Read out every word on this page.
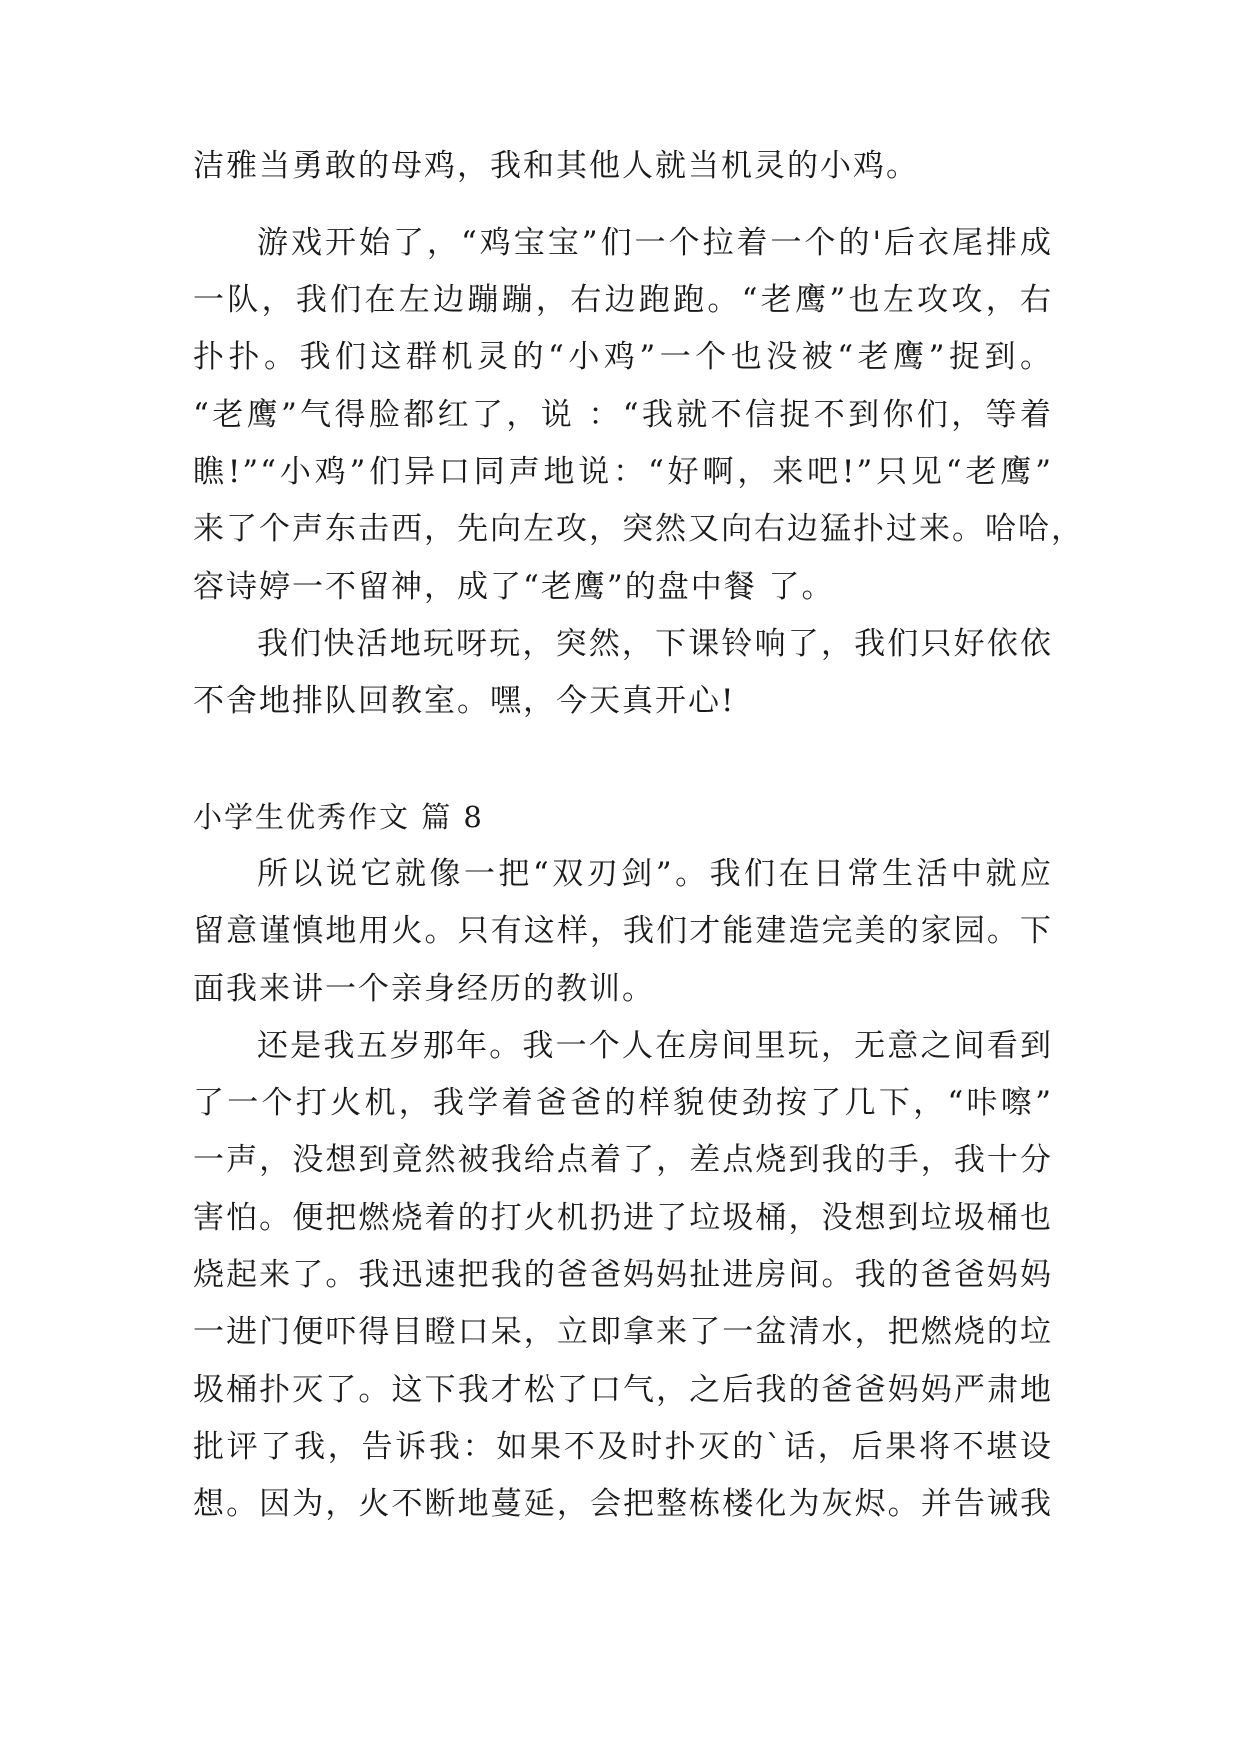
洁雅当勇敢的母鸡，我和其他人就当机灵的小鸡。
游戏开始了，“鸡宝宝”们一个拉着一个的'后衣尾排成
一队，我们在左边蹦蹦，右边跑跑。“老鹰”也左攻攻，右
扑扑。我们这群机灵的“小鸡”一个也没被“老鹰”捉到。
“老鹰”气得脸都红了，说 ：“我就不信捉不到你们，等着
瞧!”“小鸡”们异口同声地说：“好啊，来吧!”只见“老鹰”
来了个声东击西，先向左攻，突然又向右边猛扑过来。哈哈，
容诗婷一不留神，成了“老鹰”的盘中餐 了。
我们快活地玩呀玩，突然，下课铃响了，我们只好依依
不舍地排队回教室。嘿，今天真开心!
小学生优秀作文 篇 8
所以说它就像一把“双刃剑”。我们在日常生活中就应
留意谨慎地用火。只有这样，我们才能建造完美的家园。下
面我来讲一个亲身经历的教训。
还是我五岁那年。我一个人在房间里玩，无意之间看到
了一个打火机，我学着爸爸的样貌使劲按了几下，“咔嚓”
一声，没想到竟然被我给点着了，差点烧到我的手，我十分
害怕。便把燃烧着的打火机扔进了垃圾桶，没想到垃圾桶也
烧起来了。我迅速把我的爸爸妈妈扯进房间。我的爸爸妈妈
一进门便吓得目瞪口呆，立即拿来了一盆清水，把燃烧的垃
圾桶扑灭了。这下我才松了口气，之后我的爸爸妈妈严肃地
批评了我，告诉我：如果不及时扑灭的`话，后果将不堪设
想。因为，火不断地蔓延，会把整栋楼化为灰烬。并告诫我
